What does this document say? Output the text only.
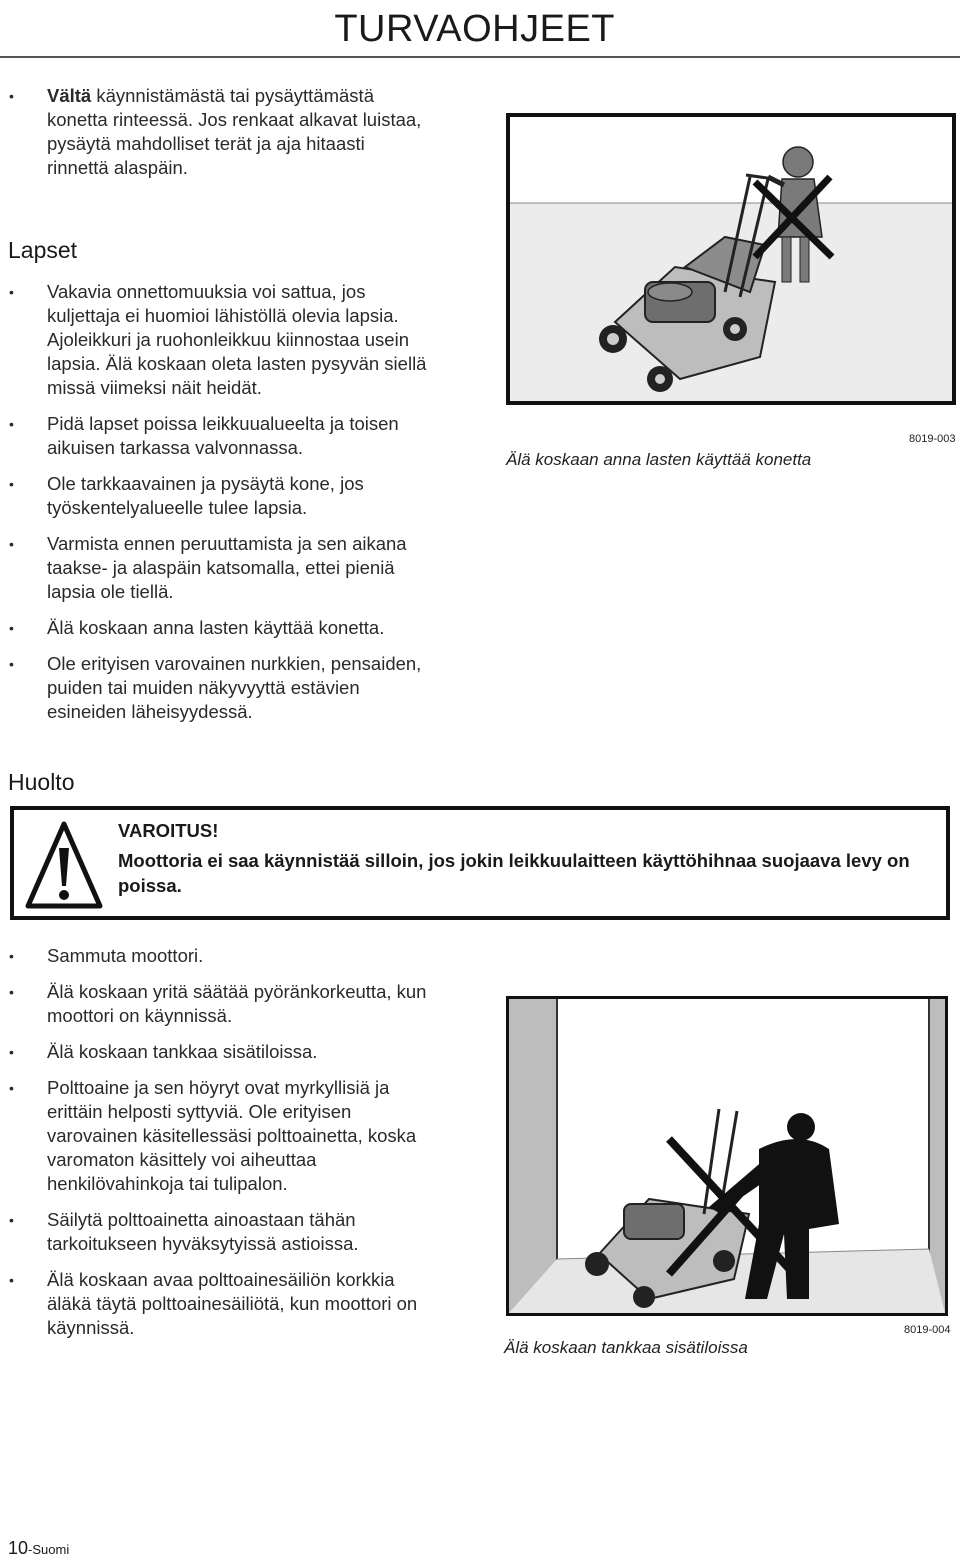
TURVAOHJEET
• Vältä käynnistämästä tai pysäyttämästä konetta rinteessä. Jos renkaat alkavat luistaa, pysäytä mahdolliset terät ja aja hitaasti rinnettä alaspäin.
Lapset
• Vakavia onnettomuuksia voi sattua, jos kuljettaja ei huomioi lähistöllä olevia lapsia. Ajoleikkuri ja ruohonleikkuu kiinnostaa usein lapsia. Älä koskaan oleta lasten pysyvän siellä missä viimeksi näit heidät.
• Pidä lapset poissa leikkuualueelta ja toisen aikuisen tarkassa valvonnassa.
• Ole tarkkaavainen ja pysäytä kone, jos työskentelyalueelle tulee lapsia.
• Varmista ennen peruuttamista ja sen aikana taakse- ja alaspäin katsomalla, ettei pieniä lapsia ole tiellä.
• Älä koskaan anna lasten käyttää konetta.
• Ole erityisen varovainen nurkkien, pensaiden, puiden tai muiden näkyvyyttä estävien esineiden läheisyydessä.
Älä koskaan anna lasten käyttää konetta
8019-003
Huolto
VAROITUS!
Moottoria ei saa käynnistää silloin, jos jokin leikkuulaitteen käyttöhihnaa suojaava levy on poissa.
• Sammuta moottori.
• Älä koskaan yritä säätää pyöränkorkeutta, kun moottori on käynnissä.
• Älä koskaan tankkaa sisätiloissa.
• Polttoaine ja sen höyryt ovat myrkyllisiä ja erittäin helposti syttyviä. Ole erityisen varovainen käsitellessäsi polttoainetta, koska varomaton käsittely voi aiheuttaa henkilövahinkoja tai tulipalon.
• Säilytä polttoainetta ainoastaan tähän tarkoitukseen hyväksytyissä astioissa.
• Älä koskaan avaa polttoainesäiliön korkkia äläkä täytä polttoainesäiliötä, kun moottori on käynnissä.
Älä koskaan tankkaa sisätiloissa
8019-004
10-Suomi
